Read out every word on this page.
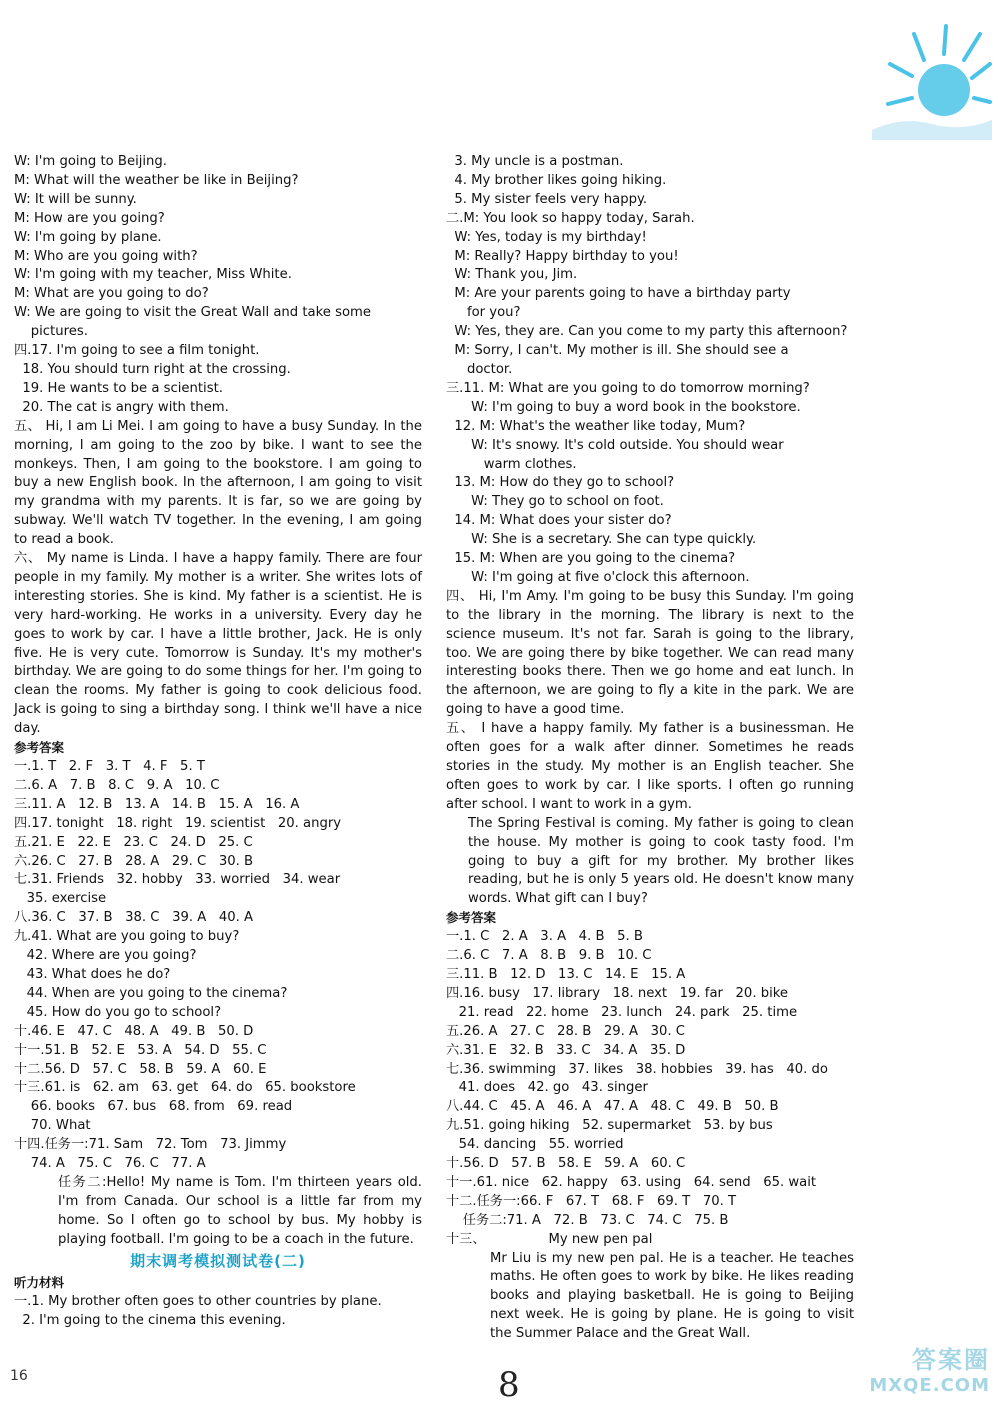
W: I'm going to Beijing.
M: What will the weather be like in Beijing?
W: It will be sunny.
M: How are you going?
W: I'm going by plane.
M: Who are you going with?
W: I'm going with my teacher, Miss White.
M: What are you going to do?
W: We are going to visit the Great Wall and take some
pictures.
四.17. I'm going to see a film tonight.
18. You should turn right at the crossing.
19. He wants to be a scientist.
20. The cat is angry with them.
五、 Hi, I am Li Mei. I am going to have a busy Sunday. In the morning, I am going to the zoo by bike. I want to see the monkeys. Then, I am going to the bookstore. I am going to buy a new English book. In the afternoon, I am going to visit my grandma with my parents. It is far, so we are going by subway. We'll watch TV together. In the evening, I am going to read a book.
六、 My name is Linda. I have a happy family. There are four people in my family. My mother is a writer. She writes lots of interesting stories. She is kind. My father is a scientist. He is very hard-working. He works in a university. Every day he goes to work by car. I have a little brother, Jack. He is only five. He is very cute. Tomorrow is Sunday. It's my mother's birthday. We are going to do some things for her. I'm going to clean the rooms. My father is going to cook delicious food. Jack is going to sing a birthday song. I think we'll have a nice day.
参考答案
一.1. T   2. F   3. T   4. F   5. T
二.6. A   7. B   8. C   9. A   10. C
三.11. A   12. B   13. A   14. B   15. A   16. A
四.17. tonight   18. right   19. scientist   20. angry
五.21. E   22. E   23. C   24. D   25. C
六.26. C   27. B   28. A   29. C   30. B
七.31. Friends   32. hobby   33. worried   34. wear
35. exercise
八.36. C   37. B   38. C   39. A   40. A
九.41. What are you going to buy?
42. Where are you going?
43. What does he do?
44. When are you going to the cinema?
45. How do you go to school?
十.46. E   47. C   48. A   49. B   50. D
十一.51. B   52. E   53. A   54. D   55. C
十二.56. D   57. C   58. B   59. A   60. E
十三.61. is   62. am   63. get   64. do   65. bookstore
66. books   67. bus   68. from   69. read
70. What
十四.任务一:71. Sam   72. Tom   73. Jimmy
74. A   75. C   76. C   77. A
任务二:Hello! My name is Tom. I'm thirteen years old. I'm from Canada. Our school is a little far from my home. So I often go to school by bus. My hobby is playing football. I'm going to be a coach in the future.
期末调考模拟测试卷(二)
听力材料
一.1. My brother often goes to other countries by plane.
2. I'm going to the cinema this evening.
3. My uncle is a postman.
4. My brother likes going hiking.
5. My sister feels very happy.
二.M: You look so happy today, Sarah.
W: Yes, today is my birthday!
M: Really? Happy birthday to you!
W: Thank you, Jim.
M: Are your parents going to have a birthday party
for you?
W: Yes, they are. Can you come to my party this afternoon?
M: Sorry, I can't. My mother is ill. She should see a
doctor.
三.11. M: What are you going to do tomorrow morning?
W: I'm going to buy a word book in the bookstore.
12. M: What's the weather like today, Mum?
W: It's snowy. It's cold outside. You should wear
warm clothes.
13. M: How do they go to school?
W: They go to school on foot.
14. M: What does your sister do?
W: She is a secretary. She can type quickly.
15. M: When are you going to the cinema?
W: I'm going at five o'clock this afternoon.
四、 Hi, I'm Amy. I'm going to be busy this Sunday. I'm going to the library in the morning. The library is next to the science museum. It's not far. Sarah is going to the library, too. We are going there by bike together. We can read many interesting books there. Then we go home and eat lunch. In the afternoon, we are going to fly a kite in the park. We are going to have a good time.
五、 I have a happy family. My father is a businessman. He often goes for a walk after dinner. Sometimes he reads stories in the study. My mother is an English teacher. She often goes to work by car. I like sports. I often go running after school. I want to work in a gym.
The Spring Festival is coming. My father is going to clean the house. My mother is going to cook tasty food. I'm going to buy a gift for my brother. My brother likes reading, but he is only 5 years old. He doesn't know many words. What gift can I buy?
参考答案
一.1. C   2. A   3. A   4. B   5. B
二.6. C   7. A   8. B   9. B   10. C
三.11. B   12. D   13. C   14. E   15. A
四.16. busy   17. library   18. next   19. far   20. bike
21. read   22. home   23. lunch   24. park   25. time
五.26. A   27. C   28. B   29. A   30. C
六.31. E   32. B   33. C   34. A   35. D
七.36. swimming   37. likes   38. hobbies   39. has   40. do
41. does   42. go   43. singer
八.44. C   45. A   46. A   47. A   48. C   49. B   50. B
九.51. going hiking   52. supermarket   53. by bus
54. dancing   55. worried
十.56. D   57. B   58. E   59. A   60. C
十一.61. nice   62. happy   63. using   64. send   65. wait
十二.任务一:66. F   67. T   68. F   69. T   70. T
任务二:71. A   72. B   73. C   74. C   75. B
十三、               My new pen pal
Mr Liu is my new pen pal. He is a teacher. He teaches maths. He often goes to work by bike. He likes reading books and playing basketball. He is going to Beijing next week. He is going by plane. He is going to visit the Summer Palace and the Great Wall.
16	8
答案圈
MXQE.COM
